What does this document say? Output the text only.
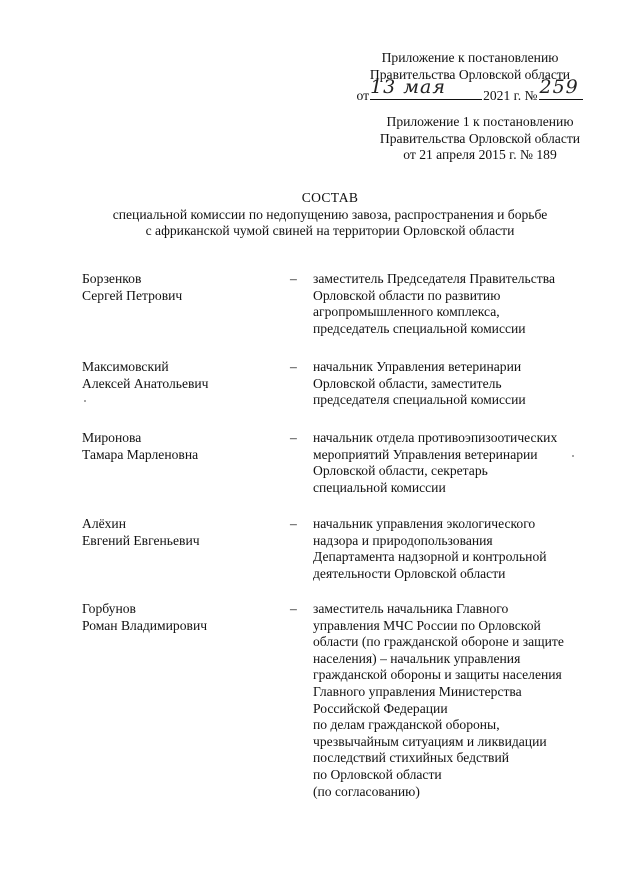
Приложение к постановлению
Правительства Орловской области
от 13 мая	2021 г. № 259
Приложение 1 к постановлению
Правительства Орловской области
от 21 апреля 2015 г. № 189
СОСТАВ
специальной комиссии по недопущению завоза, распространения и борьбе
с африканской чумой свиней на территории Орловской области
Борзенков
Сергей Петрович
– заместитель Председателя Правительства
Орловской области по развитию
агропромышленного комплекса,
председатель специальной комиссии
Максимовский
Алексей Анатольевич
– начальник Управления ветеринарии
Орловской области, заместитель
председателя специальной комиссии
Миронова
Тамара Марленовна
– начальник отдела противоэпизоотических
мероприятий Управления ветеринарии
Орловской области, секретарь
специальной комиссии
Алёхин
Евгений Евгеньевич
– начальник управления экологического
надзора и природопользования
Департамента надзорной и контрольной
деятельности Орловской области
Горбунов
Роман Владимирович
– заместитель начальника Главного
управления МЧС России по Орловской
области (по гражданской обороне и защите
населения) – начальник управления
гражданской обороны и защиты населения
Главного управления Министерства
Российской Федерации
по делам гражданской обороны,
чрезвычайным ситуациям и ликвидации
последствий стихийных бедствий
по Орловской области
(по согласованию)
